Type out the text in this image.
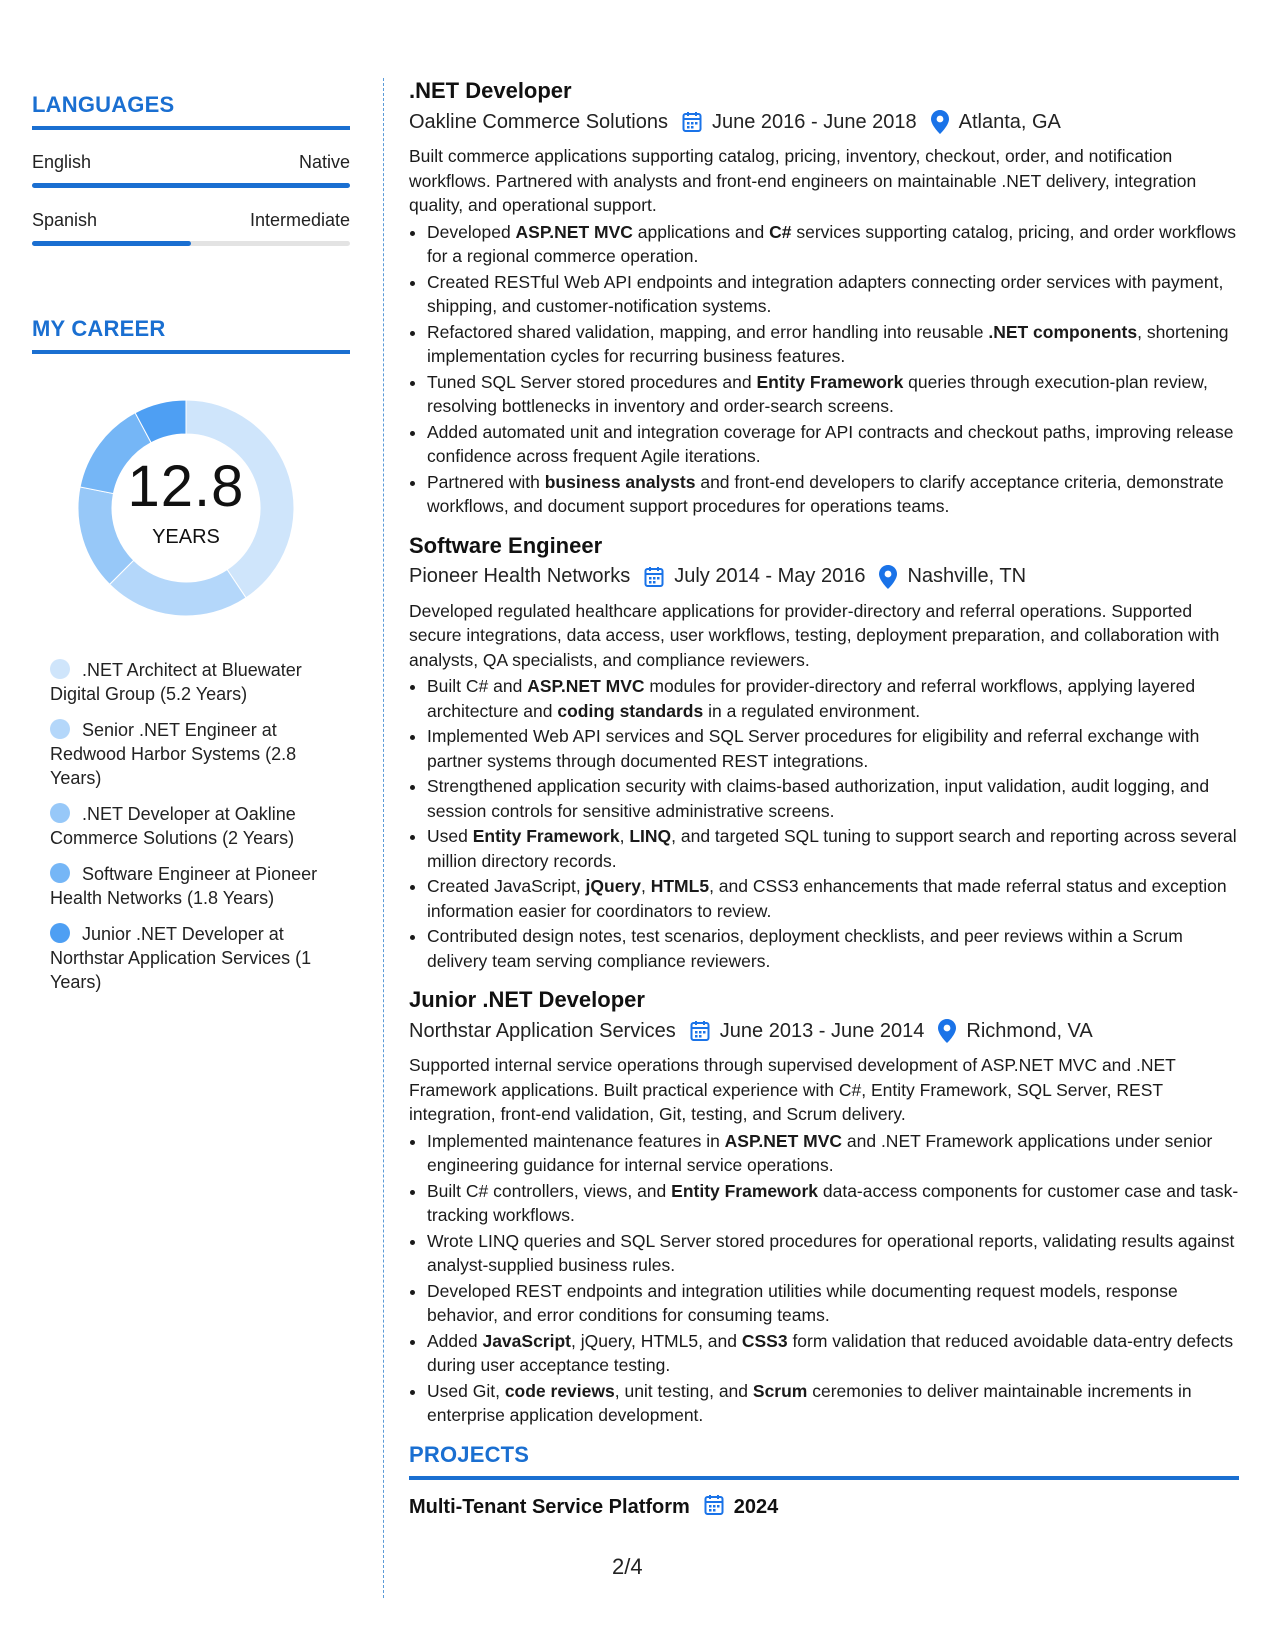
LANGUAGES
English	Native
Spanish	Intermediate
MY CAREER
12.8
YEARS
.NET Architect at Bluewater Digital Group (5.2 Years)
Senior .NET Engineer at Redwood Harbor Systems (2.8 Years)
.NET Developer at Oakline Commerce Solutions (2 Years)
Software Engineer at Pioneer Health Networks (1.8 Years)
Junior .NET Developer at Northstar Application Services (1 Years)
.NET Developer
Oakline Commerce Solutions June 2016 - June 2018 Atlanta, GA

Built commerce applications supporting catalog, pricing, inventory, checkout, order, and notification workflows. Partnered with analysts and front-end engineers on maintainable .NET delivery, integration quality, and operational support.

• Developed ASP.NET MVC applications and C# services supporting catalog, pricing, and order workflows for a regional commerce operation.
• Created RESTful Web API endpoints and integration adapters connecting order services with payment, shipping, and customer-notification systems.
• Refactored shared validation, mapping, and error handling into reusable .NET components, shortening implementation cycles for recurring business features.
• Tuned SQL Server stored procedures and Entity Framework queries through execution-plan review, resolving bottlenecks in inventory and order-search screens.
• Added automated unit and integration coverage for API contracts and checkout paths, improving release confidence across frequent Agile iterations.
• Partnered with business analysts and front-end developers to clarify acceptance criteria, demonstrate workflows, and document support procedures for operations teams.
Software Engineer
Pioneer Health Networks July 2014 - May 2016 Nashville, TN

Developed regulated healthcare applications for provider-directory and referral operations. Supported secure integrations, data access, user workflows, testing, deployment preparation, and collaboration with analysts, QA specialists, and compliance reviewers.

• Built C# and ASP.NET MVC modules for provider-directory and referral workflows, applying layered architecture and coding standards in a regulated environment.
• Implemented Web API services and SQL Server procedures for eligibility and referral exchange with partner systems through documented REST integrations.
• Strengthened application security with claims-based authorization, input validation, audit logging, and session controls for sensitive administrative screens.
• Used Entity Framework, LINQ, and targeted SQL tuning to support search and reporting across several million directory records.
• Created JavaScript, jQuery, HTML5, and CSS3 enhancements that made referral status and exception information easier for coordinators to review.
• Contributed design notes, test scenarios, deployment checklists, and peer reviews within a Scrum delivery team serving compliance reviewers.
Junior .NET Developer
Northstar Application Services June 2013 - June 2014 Richmond, VA

Supported internal service operations through supervised development of ASP.NET MVC and .NET Framework applications. Built practical experience with C#, Entity Framework, SQL Server, REST integration, front-end validation, Git, testing, and Scrum delivery.

• Implemented maintenance features in ASP.NET MVC and .NET Framework applications under senior engineering guidance for internal service operations.
• Built C# controllers, views, and Entity Framework data-access components for customer case and task-tracking workflows.
• Wrote LINQ queries and SQL Server stored procedures for operational reports, validating results against analyst-supplied business rules.
• Developed REST endpoints and integration utilities while documenting request models, response behavior, and error conditions for consuming teams.
• Added JavaScript, jQuery, HTML5, and CSS3 form validation that reduced avoidable data-entry defects during user acceptance testing.
• Used Git, code reviews, unit testing, and Scrum ceremonies to deliver maintainable increments in enterprise application development.
PROJECTS
Multi-Tenant Service Platform 2024
2/4
